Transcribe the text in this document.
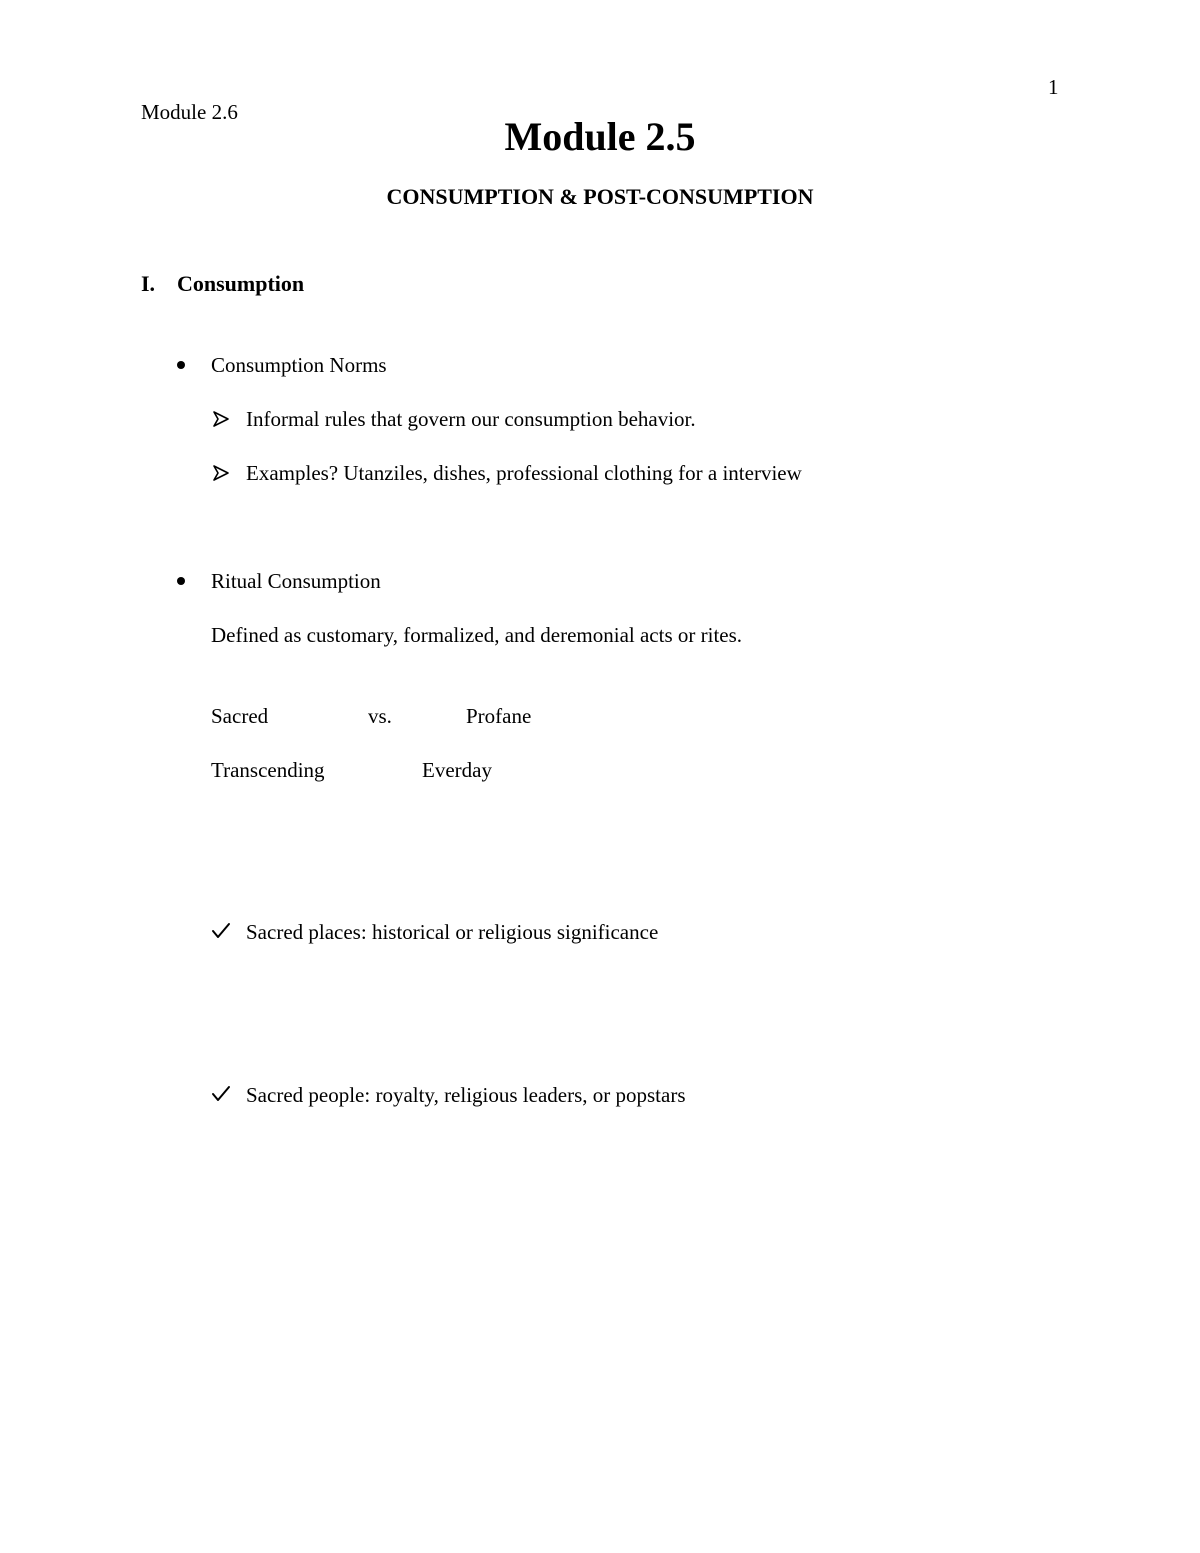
1
Module 2.6
Module 2.5
CONSUMPTION & POST-CONSUMPTION
I. Consumption
Consumption Norms
Informal rules that govern our consumption behavior.
Examples? Utanziles, dishes, professional clothing for a interview
Ritual Consumption
Defined as customary, formalized, and deremonial acts or rites.
Sacred	vs.	Profane
Transcending	Everday
Sacred places: historical or religious significance
Sacred people: royalty, religious leaders, or popstars
